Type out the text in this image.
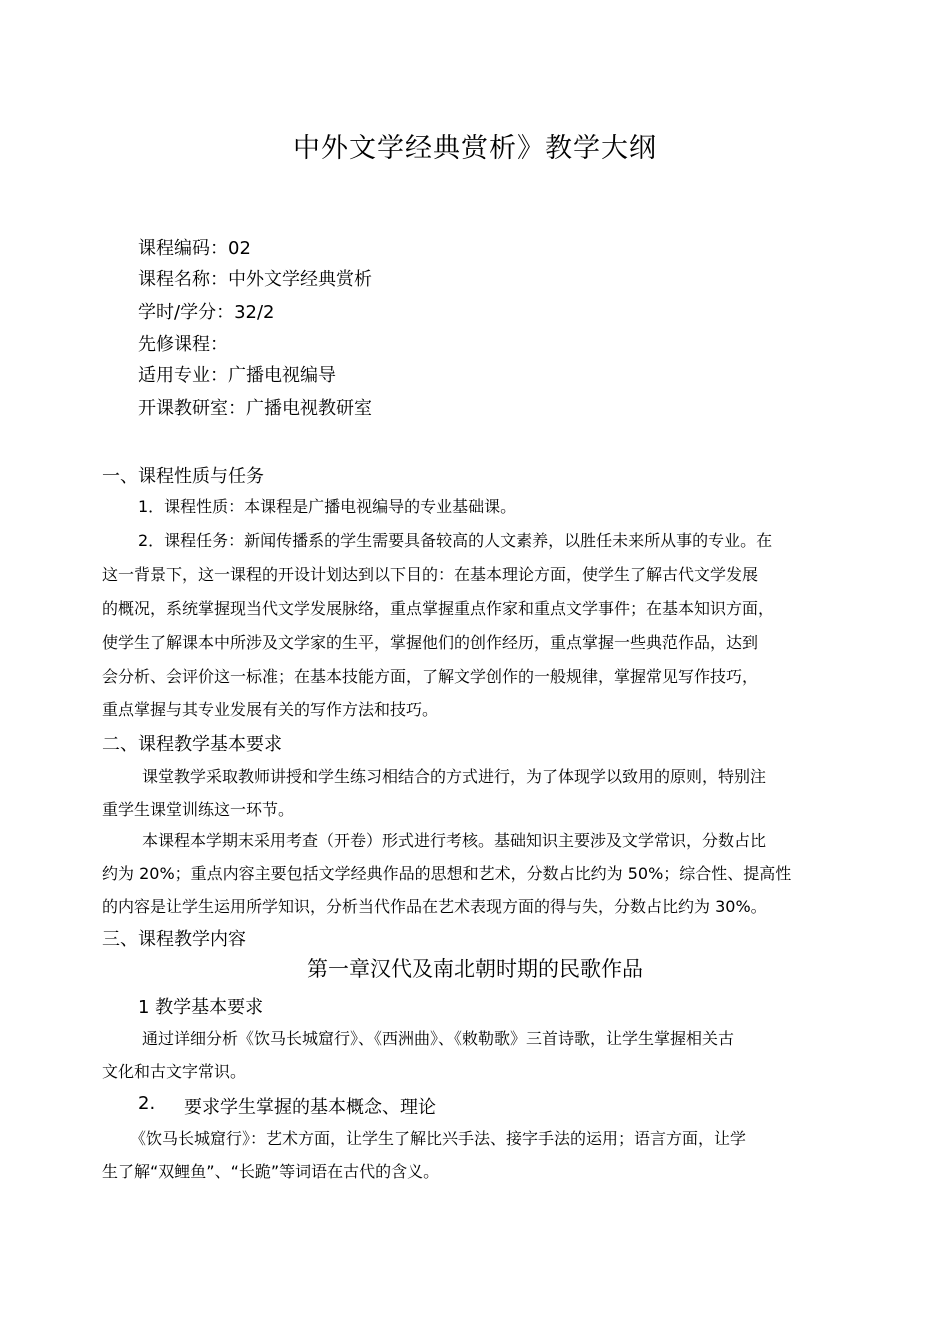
中外文学经典赏析》教学大纲
课程编码：02
课程名称：中外文学经典赏析
学时/学分：32/2
先修课程：
适用专业：广播电视编导
开课教研室：广播电视教研室
一、课程性质与任务
1．课程性质：本课程是广播电视编导的专业基础课。
2．课程任务：新闻传播系的学生需要具备较高的人文素养，以胜任未来所从事的专业。在
这一背景下，这一课程的开设计划达到以下目的：在基本理论方面，使学生了解古代文学发展
的概况，系统掌握现当代文学发展脉络，重点掌握重点作家和重点文学事件；在基本知识方面，
使学生了解课本中所涉及文学家的生平，掌握他们的创作经历，重点掌握一些典范作品，达到
会分析、会评价这一标准；在基本技能方面，了解文学创作的一般规律，掌握常见写作技巧，
重点掌握与其专业发展有关的写作方法和技巧。
二、课程教学基本要求
课堂教学采取教师讲授和学生练习相结合的方式进行，为了体现学以致用的原则，特别注
重学生课堂训练这一环节。
本课程本学期末采用考查（开卷）形式进行考核。基础知识主要涉及文学常识，分数占比
约为 20%；重点内容主要包括文学经典作品的思想和艺术，分数占比约为 50%；综合性、提高性
的内容是让学生运用所学知识，分析当代作品在艺术表现方面的得与失，分数占比约为 30%。
三、课程教学内容
第一章汉代及南北朝时期的民歌作品
1 教学基本要求
通过详细分析《饮马长城窟行》、《西洲曲》、《敕勒歌》三首诗歌，让学生掌握相关古
文化和古文字常识。
2. 要求学生掌握的基本概念、理论
《饮马长城窟行》：艺术方面，让学生了解比兴手法、接字手法的运用；语言方面，让学
生了解“双鲤鱼”、“长跪”等词语在古代的含义。
